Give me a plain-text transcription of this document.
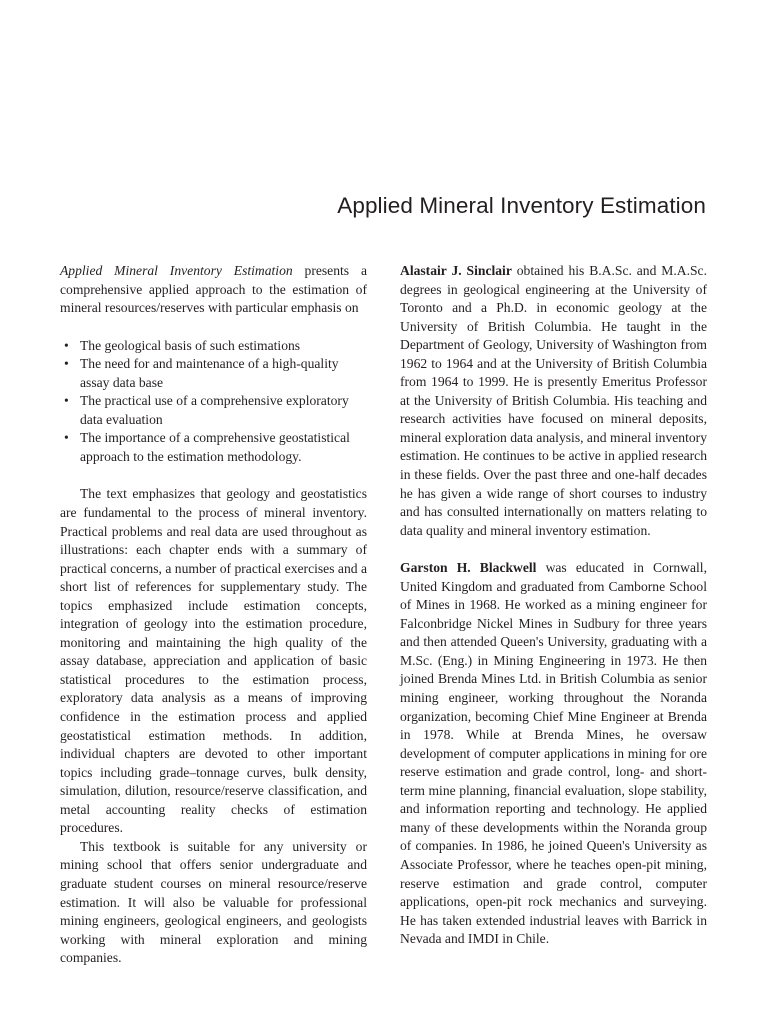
Applied Mineral Inventory Estimation

Applied Mineral Inventory Estimation presents a comprehensive applied approach to the estimation of mineral resources/reserves with particular emphasis on

• The geological basis of such estimations
• The need for and maintenance of a high-quality assay data base
• The practical use of a comprehensive exploratory data evaluation
• The importance of a comprehensive geostatistical approach to the estimation methodology.

The text emphasizes that geology and geostatistics are fundamental to the process of mineral inventory. Practical problems and real data are used throughout as illustrations: each chapter ends with a summary of practical concerns, a number of practical exercises and a short list of references for supplementary study. The topics emphasized include estimation concepts, integration of geology into the estimation procedure, monitoring and maintaining the high quality of the assay database, appreciation and application of basic statistical procedures to the estimation process, exploratory data analysis as a means of improving confidence in the estimation process and applied geostatistical estimation methods. In addition, individual chapters are devoted to other important topics including grade–tonnage curves, bulk density, simulation, dilution, resource/reserve classification, and metal accounting reality checks of estimation procedures.

This textbook is suitable for any university or mining school that offers senior undergraduate and graduate student courses on mineral resource/reserve estimation. It will also be valuable for professional mining engineers, geological engineers, and geologists working with mineral exploration and mining companies.

Alastair J. Sinclair obtained his B.A.Sc. and M.A.Sc. degrees in geological engineering at the University of Toronto and a Ph.D. in economic geology at the University of British Columbia. He taught in the Department of Geology, University of Washington from 1962 to 1964 and at the University of British Columbia from 1964 to 1999. He is presently Emeritus Professor at the University of British Columbia. His teaching and research activities have focused on mineral deposits, mineral exploration data analysis, and mineral inventory estimation. He continues to be active in applied research in these fields. Over the past three and one-half decades he has given a wide range of short courses to industry and has consulted internationally on matters relating to data quality and mineral inventory estimation.

Garston H. Blackwell was educated in Cornwall, United Kingdom and graduated from Camborne School of Mines in 1968. He worked as a mining engineer for Falconbridge Nickel Mines in Sudbury for three years and then attended Queen's University, graduating with a M.Sc. (Eng.) in Mining Engineering in 1973. He then joined Brenda Mines Ltd. in British Columbia as senior mining engineer, working throughout the Noranda organization, becoming Chief Mine Engineer at Brenda in 1978. While at Brenda Mines, he oversaw development of computer applications in mining for ore reserve estimation and grade control, long- and short-term mine planning, financial evaluation, slope stability, and information reporting and technology. He applied many of these developments within the Noranda group of companies. In 1986, he joined Queen's University as Associate Professor, where he teaches open-pit mining, reserve estimation and grade control, computer applications, open-pit rock mechanics and surveying. He has taken extended industrial leaves with Barrick in Nevada and IMDI in Chile.
